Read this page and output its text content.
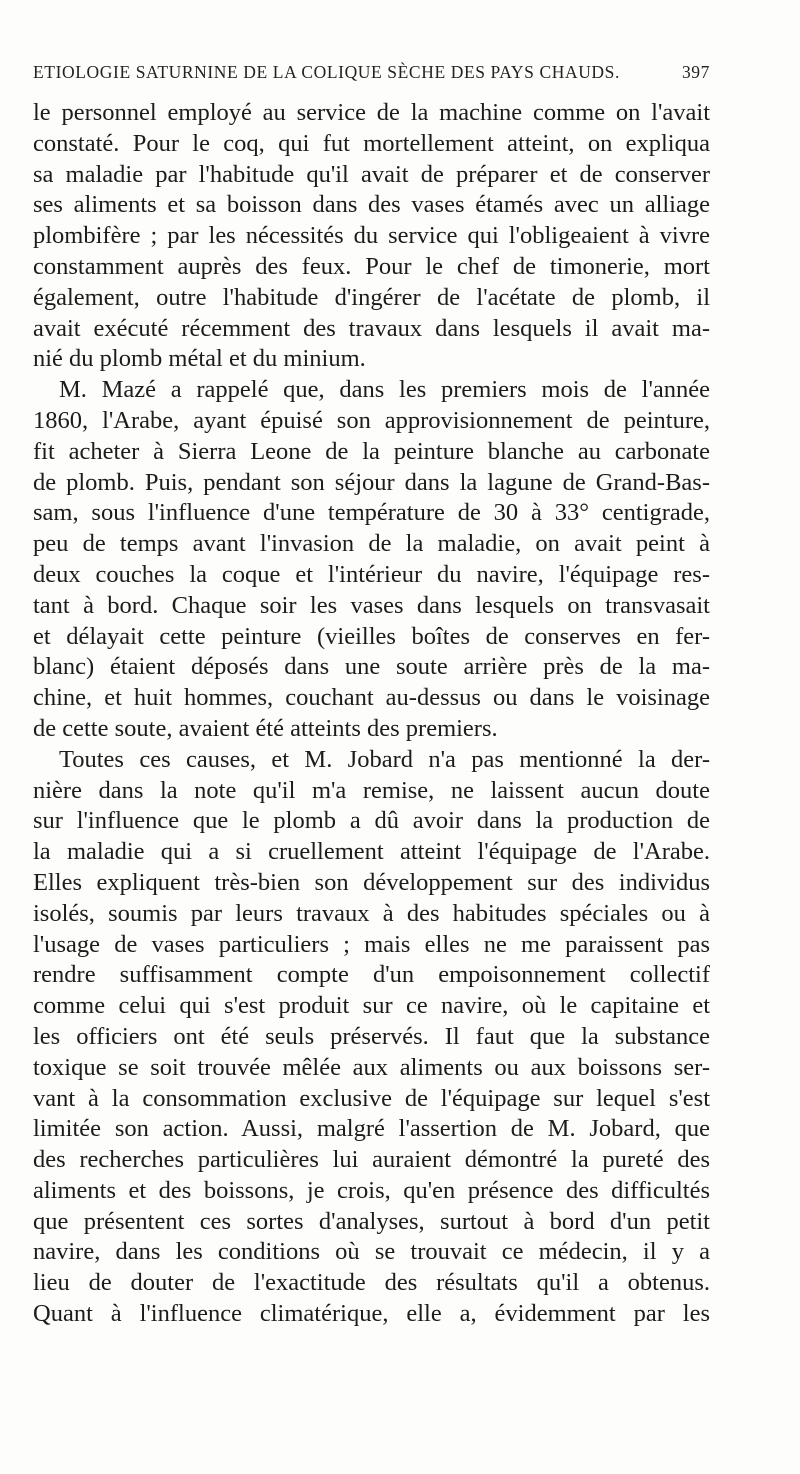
ETIOLOGIE SATURNINE DE LA COLIQUE SÈCHE DES PAYS CHAUDS.	397
le personnel employé au service de la machine comme on l'avait
constaté. Pour le coq, qui fut mortellement atteint, on expliqua
sa maladie par l'habitude qu'il avait de préparer et de conserver
ses aliments et sa boisson dans des vases étamés avec un alliage
plombifère ; par les nécessités du service qui l'obligeaient à vivre
constamment auprès des feux. Pour le chef de timonerie, mort
également, outre l'habitude d'ingérer de l'acétate de plomb, il
avait exécuté récemment des travaux dans lesquels il avait ma-
nié du plomb métal et du minium.
M. Mazé a rappelé que, dans les premiers mois de l'année
1860, l'Arabe, ayant épuisé son approvisionnement de peinture,
fit acheter à Sierra Leone de la peinture blanche au carbonate
de plomb. Puis, pendant son séjour dans la lagune de Grand-Bas-
sam, sous l'influence d'une température de 30 à 33° centigrade,
peu de temps avant l'invasion de la maladie, on avait peint à
deux couches la coque et l'intérieur du navire, l'équipage res-
tant à bord. Chaque soir les vases dans lesquels on transvasait
et délayait cette peinture (vieilles boîtes de conserves en fer-
blanc) étaient déposés dans une soute arrière près de la ma-
chine, et huit hommes, couchant au-dessus ou dans le voisinage
de cette soute, avaient été atteints des premiers.
Toutes ces causes, et M. Jobard n'a pas mentionné la der-
nière dans la note qu'il m'a remise, ne laissent aucun doute
sur l'influence que le plomb a dû avoir dans la production de
la maladie qui a si cruellement atteint l'équipage de l'Arabe.
Elles expliquent très-bien son développement sur des individus
isolés, soumis par leurs travaux à des habitudes spéciales ou à
l'usage de vases particuliers ; mais elles ne me paraissent pas
rendre suffisamment compte d'un empoisonnement collectif
comme celui qui s'est produit sur ce navire, où le capitaine et
les officiers ont été seuls préservés. Il faut que la substance
toxique se soit trouvée mêlée aux aliments ou aux boissons ser-
vant à la consommation exclusive de l'équipage sur lequel s'est
limitée son action. Aussi, malgré l'assertion de M. Jobard, que
des recherches particulières lui auraient démontré la pureté des
aliments et des boissons, je crois, qu'en présence des difficultés
que présentent ces sortes d'analyses, surtout à bord d'un petit
navire, dans les conditions où se trouvait ce médecin, il y a
lieu de douter de l'exactitude des résultats qu'il a obtenus.
Quant à l'influence climatérique, elle a, évidemment par les
